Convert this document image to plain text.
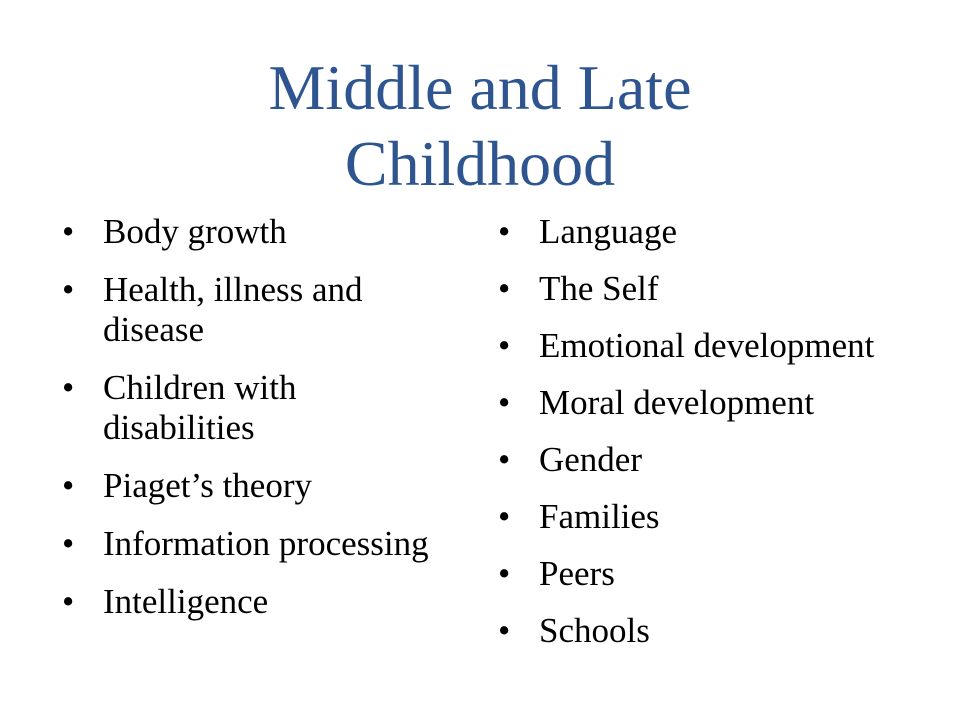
Middle and Late
Childhood
• Body growth
• Health, illness and disease
• Children with disabilities
• Piaget’s theory
• Information processing
• Intelligence
• Language
• The Self
• Emotional development
• Moral development
• Gender
• Families
• Peers
• Schools
